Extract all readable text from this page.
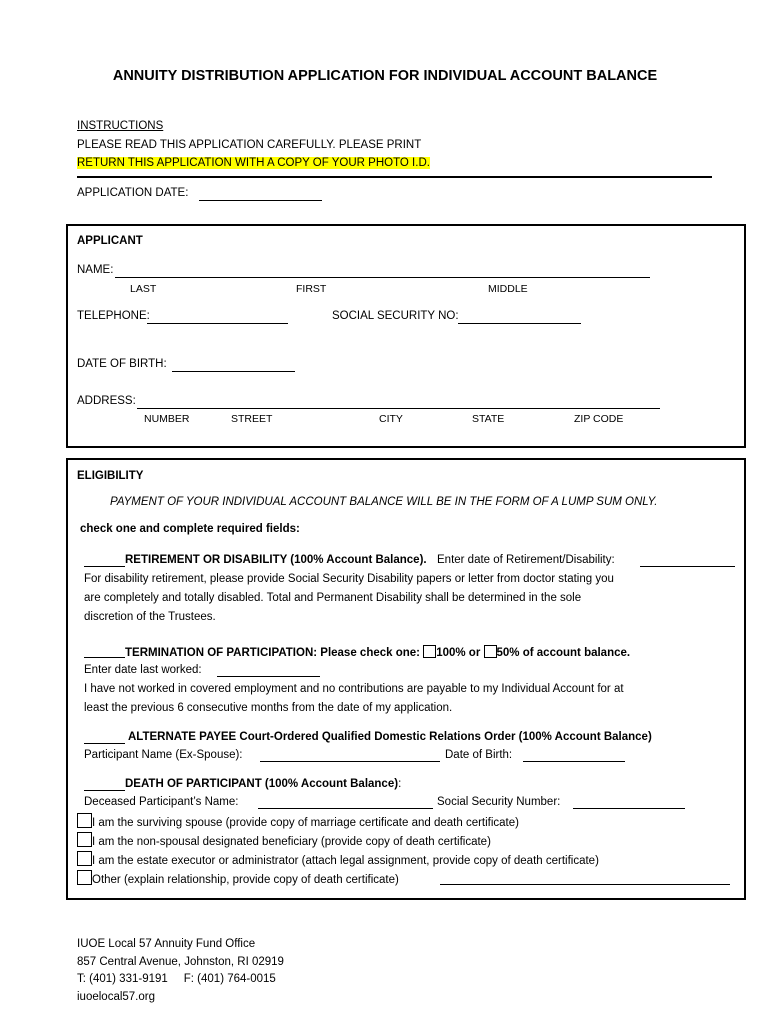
ANNUITY DISTRIBUTION APPLICATION FOR INDIVIDUAL ACCOUNT BALANCE
INSTRUCTIONS
PLEASE READ THIS APPLICATION CAREFULLY. PLEASE PRINT
RETURN THIS APPLICATION WITH A COPY OF YOUR PHOTO I.D.
APPLICATION DATE:
APPLICANT
NAME:
LAST	FIRST	MIDDLE
TELEPHONE:	SOCIAL SECURITY NO:
DATE OF BIRTH:
ADDRESS:
NUMBER	STREET	CITY	STATE	ZIP CODE
ELIGIBILITY
PAYMENT OF YOUR INDIVIDUAL ACCOUNT BALANCE WILL BE IN THE FORM OF A LUMP SUM ONLY.
check one and complete required fields:
RETIREMENT OR DISABILITY (100% Account Balance). Enter date of Retirement/Disability:
For disability retirement, please provide Social Security Disability papers or letter from doctor stating you
are completely and totally disabled. Total and Permanent Disability shall be determined in the sole
discretion of the Trustees.
TERMINATION OF PARTICIPATION: Please check one: 100% or 50% of account balance.
Enter date last worked:
I have not worked in covered employment and no contributions are payable to my Individual Account for at
least the previous 6 consecutive months from the date of my application.
ALTERNATE PAYEE Court-Ordered Qualified Domestic Relations Order (100% Account Balance)
Participant Name (Ex-Spouse):	Date of Birth:
DEATH OF PARTICIPANT (100% Account Balance):
Deceased Participant’s Name:	Social Security Number:
I am the surviving spouse (provide copy of marriage certificate and death certificate)
I am the non-spousal designated beneficiary (provide copy of death certificate)
I am the estate executor or administrator (attach legal assignment, provide copy of death certificate)
Other (explain relationship, provide copy of death certificate)
IUOE Local 57 Annuity Fund Office
857 Central Avenue, Johnston, RI 02919
T: (401) 331-9191     F: (401) 764-0015
iuoelocal57.org
